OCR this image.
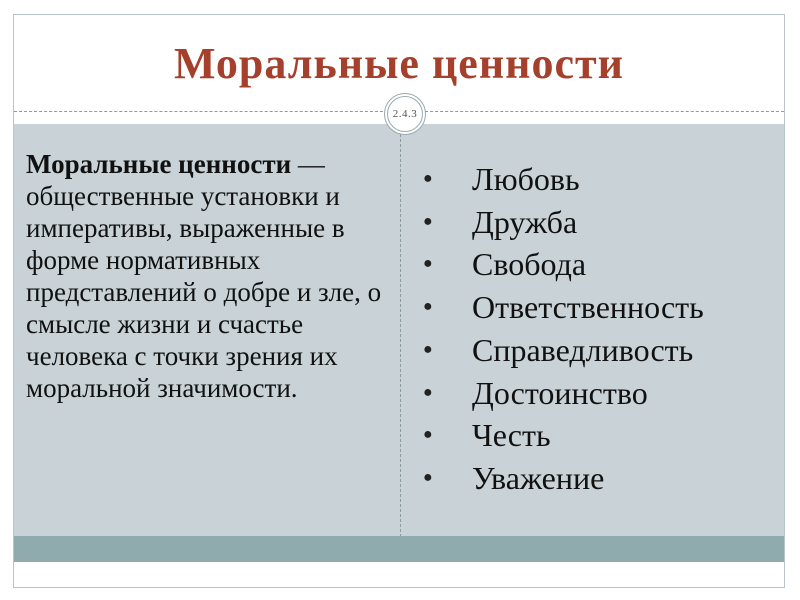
Моральные ценности
Моральные ценности — общественные установки и императивы, выраженные в форме нормативных представлений о добре и зле, о смысле жизни и счастье человека с точки зрения их моральной значимости.
● Любовь
● Дружба
● Свобода
● Ответственность
● Справедливость
● Достоинство
● Честь
● Уважение
2.4.3
